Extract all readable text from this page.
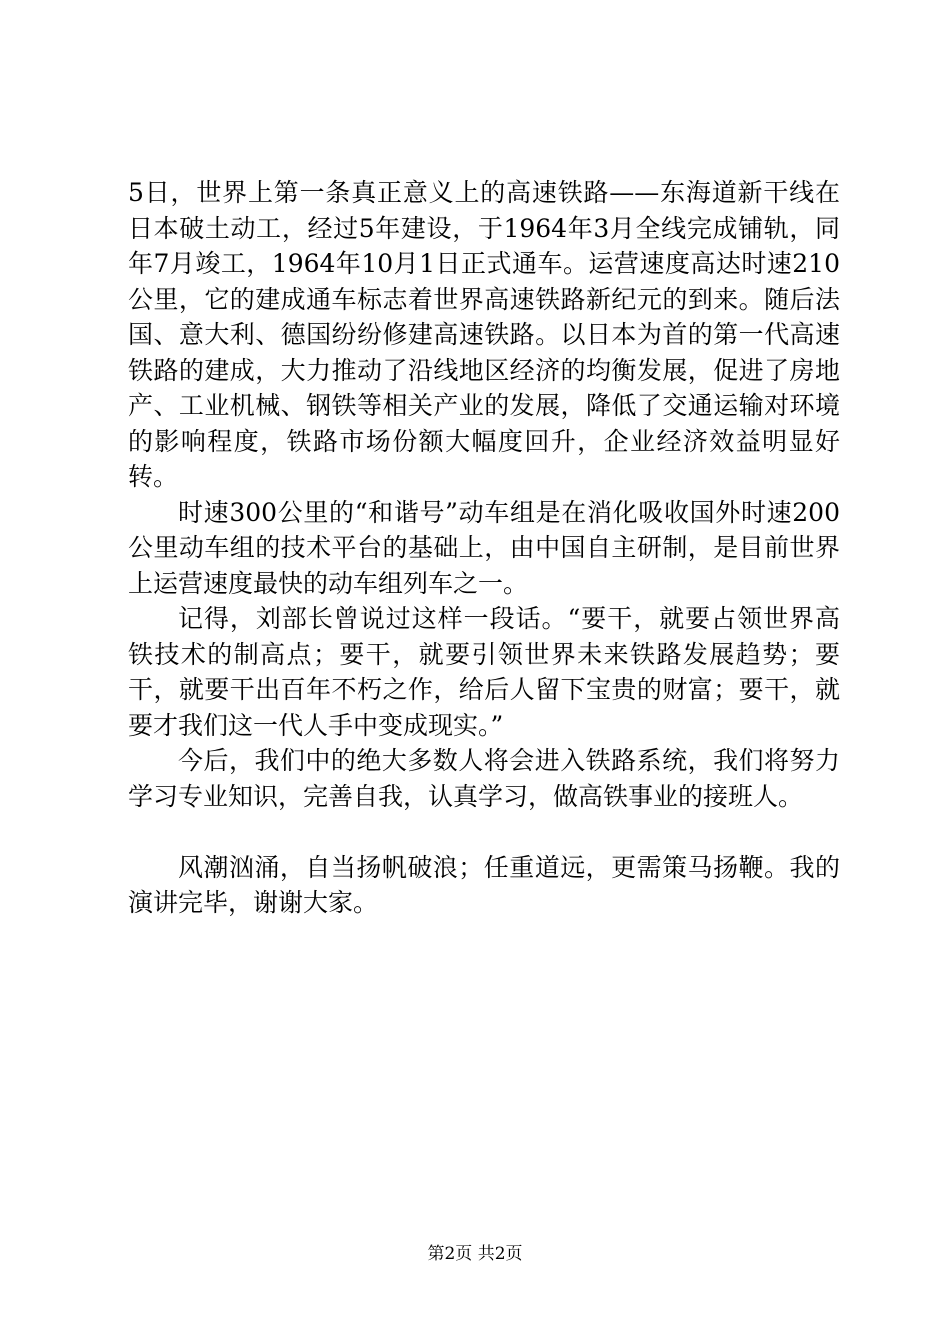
5日，世界上第一条真正意义上的高速铁路——东海道新干线在日本破土动工，经过5年建设，于1964年3月全线完成铺轨，同年7月竣工，1964年10月1日正式通车。运营速度高达时速210公里，它的建成通车标志着世界高速铁路新纪元的到来。随后法国、意大利、德国纷纷修建高速铁路。以日本为首的第一代高速铁路的建成，大力推动了沿线地区经济的均衡发展，促进了房地产、工业机械、钢铁等相关产业的发展，降低了交通运输对环境的影响程度，铁路市场份额大幅度回升，企业经济效益明显好转。

时速300公里的“和谐号”动车组是在消化吸收国外时速200公里动车组的技术平台的基础上，由中国自主研制，是目前世界上运营速度最快的动车组列车之一。

记得，刘部长曾说过这样一段话。“要干，就要占领世界高铁技术的制高点；要干，就要引领世界未来铁路发展趋势；要干，就要干出百年不朽之作，给后人留下宝贵的财富；要干，就要才我们这一代人手中变成现实。”

今后，我们中的绝大多数人将会进入铁路系统，我们将努力学习专业知识，完善自我，认真学习，做高铁事业的接班人。

风潮汹涌，自当扬帆破浪；任重道远，更需策马扬鞭。我的演讲完毕，谢谢大家。

第2页 共2页
